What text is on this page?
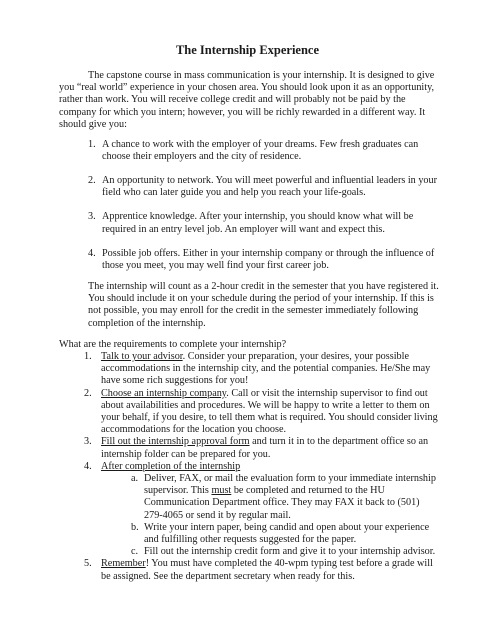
The Internship Experience

The capstone course in mass communication is your internship. It is designed to give you “real world” experience in your chosen area. You should look upon it as an opportunity, rather than work. You will receive college credit and will probably not be paid by the company for which you intern; however, you will be richly rewarded in a different way. It should give you:

1. A chance to work with the employer of your dreams. Few fresh graduates can choose their employers and the city of residence.
2. An opportunity to network. You will meet powerful and influential leaders in your field who can later guide you and help you reach your life-goals.
3. Apprentice knowledge. After your internship, you should know what will be required in an entry level job. An employer will want and expect this.
4. Possible job offers. Either in your internship company or through the influence of those you meet, you may well find your first career job.

The internship will count as a 2-hour credit in the semester that you have registered it. You should include it on your schedule during the period of your internship. If this is not possible, you may enroll for the credit in the semester immediately following completion of the internship.

What are the requirements to complete your internship?

1. Talk to your advisor. Consider your preparation, your desires, your possible accommodations in the internship city, and the potential companies. He/She may have some rich suggestions for you!
2. Choose an internship company. Call or visit the internship supervisor to find out about availabilities and procedures. We will be happy to write a letter to them on your behalf, if you desire, to tell them what is required. You should consider living accommodations for the location you choose.
3. Fill out the internship approval form and turn it in to the department office so an internship folder can be prepared for you.
4. After completion of the internship
a. Deliver, FAX, or mail the evaluation form to your immediate internship supervisor. This must be completed and returned to the HU Communication Department office. They may FAX it back to (501) 279-4065 or send it by regular mail.
b. Write your intern paper, being candid and open about your experience and fulfilling other requests suggested for the paper.
c. Fill out the internship credit form and give it to your internship advisor.
5. Remember! You must have completed the 40-wpm typing test before a grade will be assigned. See the department secretary when ready for this.
